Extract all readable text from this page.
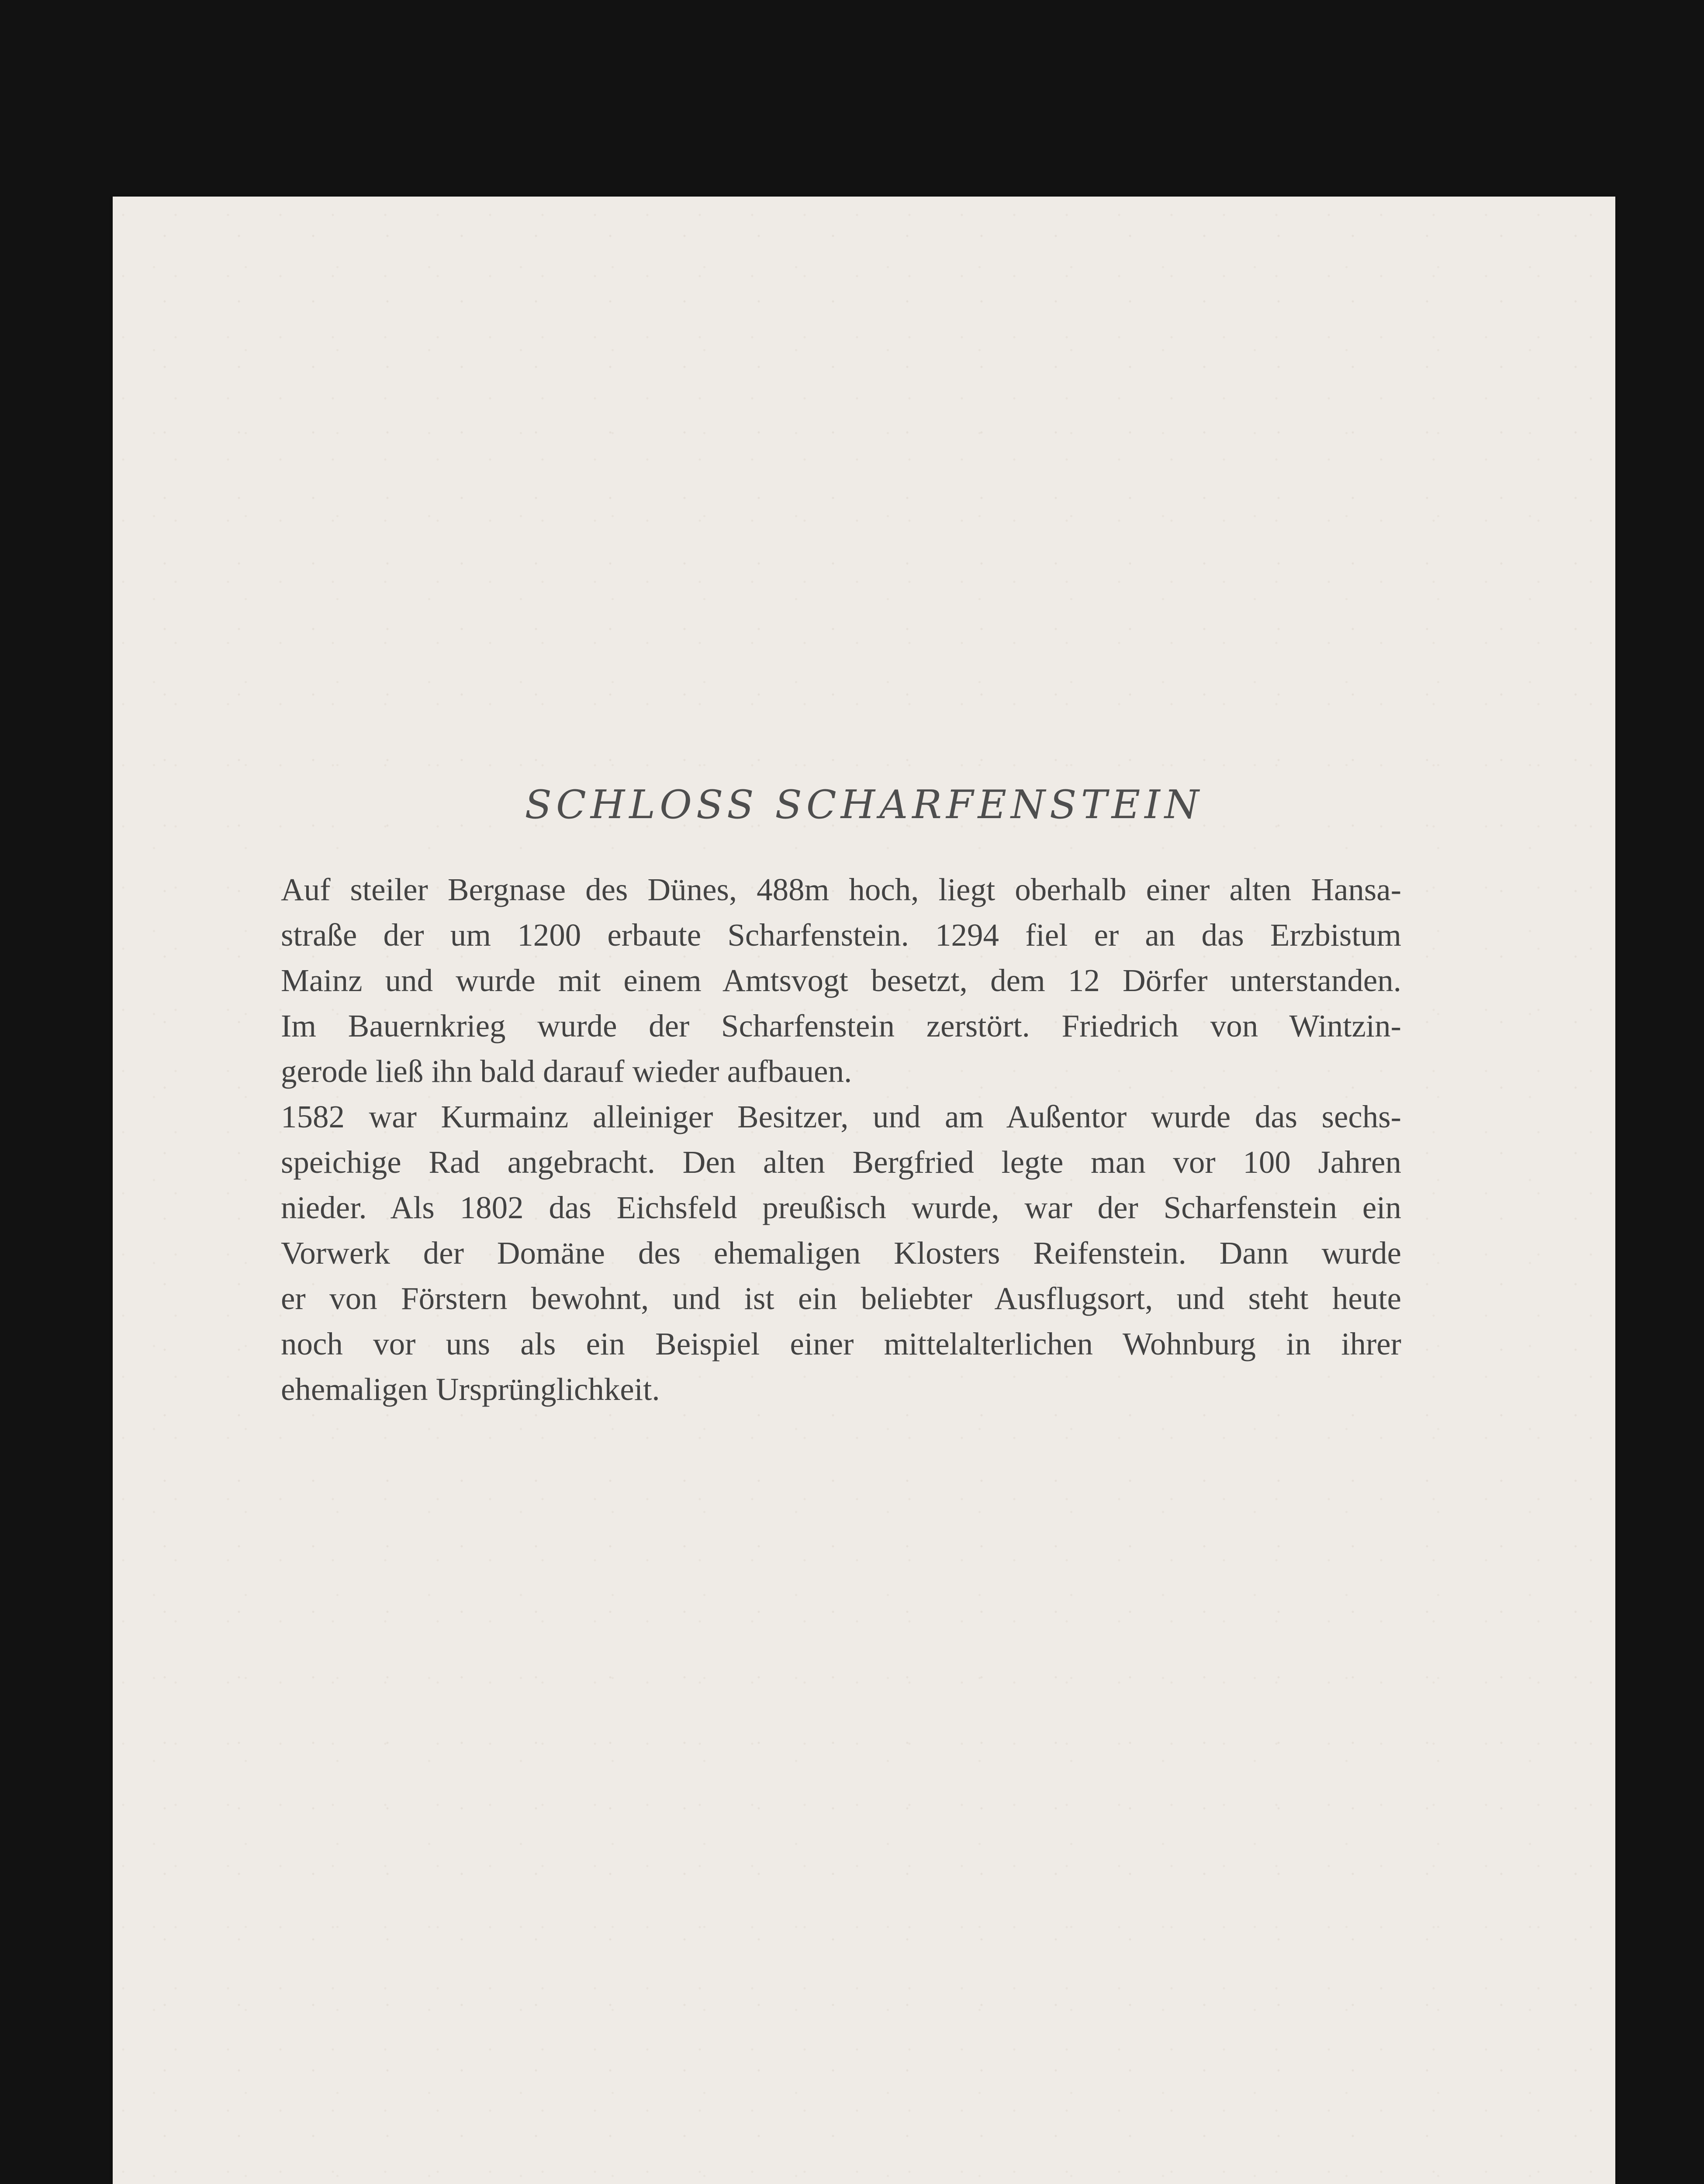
SCHLOSS SCHARFENSTEIN
Auf steiler Bergnase des Dünes, 488m hoch, liegt oberhalb einer alten Hansa-
straße der um 1200 erbaute Scharfenstein. 1294 fiel er an das Erzbistum
Mainz und wurde mit einem Amtsvogt besetzt, dem 12 Dörfer unterstanden.
Im Bauernkrieg wurde der Scharfenstein zerstört. Friedrich von Wintzin-
gerode ließ ihn bald darauf wieder aufbauen.
1582 war Kurmainz alleiniger Besitzer, und am Außentor wurde das sechs-
speichige Rad angebracht. Den alten Bergfried legte man vor 100 Jahren
nieder. Als 1802 das Eichsfeld preußisch wurde, war der Scharfenstein ein
Vorwerk der Domäne des ehemaligen Klosters Reifenstein. Dann wurde
er von Förstern bewohnt, und ist ein beliebter Ausflugsort, und steht heute
noch vor uns als ein Beispiel einer mittelalterlichen Wohnburg in ihrer
ehemaligen Ursprünglichkeit.
